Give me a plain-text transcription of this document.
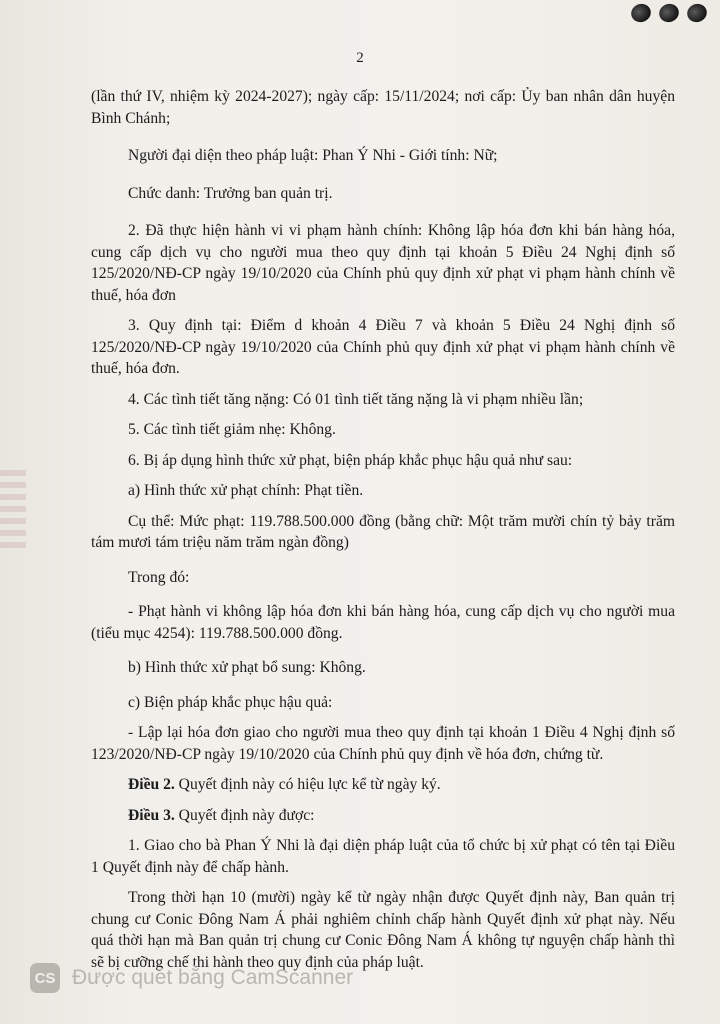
2

(lần thứ IV, nhiệm kỳ 2024-2027); ngày cấp: 15/11/2024; nơi cấp: Ủy ban nhân dân huyện Bình Chánh;

Người đại diện theo pháp luật: Phan Ý Nhi - Giới tính: Nữ;

Chức danh: Trưởng ban quản trị.

2. Đã thực hiện hành vi vi phạm hành chính: Không lập hóa đơn khi bán hàng hóa, cung cấp dịch vụ cho người mua theo quy định tại khoản 5 Điều 24 Nghị định số 125/2020/NĐ-CP ngày 19/10/2020 của Chính phủ quy định xử phạt vi phạm hành chính về thuế, hóa đơn

3. Quy định tại: Điểm d khoản 4 Điều 7 và khoản 5 Điều 24 Nghị định số 125/2020/NĐ-CP ngày 19/10/2020 của Chính phủ quy định xử phạt vi phạm hành chính về thuế, hóa đơn.

4. Các tình tiết tăng nặng: Có 01 tình tiết tăng nặng là vi phạm nhiều lần;

5. Các tình tiết giảm nhẹ: Không.

6. Bị áp dụng hình thức xử phạt, biện pháp khắc phục hậu quả như sau:

a) Hình thức xử phạt chính: Phạt tiền.

Cụ thể: Mức phạt: 119.788.500.000 đồng (bằng chữ: Một trăm mười chín tỷ bảy trăm tám mươi tám triệu năm trăm ngàn đồng)

Trong đó:

- Phạt hành vi không lập hóa đơn khi bán hàng hóa, cung cấp dịch vụ cho người mua (tiểu mục 4254): 119.788.500.000 đồng.

b) Hình thức xử phạt bổ sung: Không.

c) Biện pháp khắc phục hậu quả:

- Lập lại hóa đơn giao cho người mua theo quy định tại khoản 1 Điều 4 Nghị định số 123/2020/NĐ-CP ngày 19/10/2020 của Chính phủ quy định về hóa đơn, chứng từ.

Điều 2. Quyết định này có hiệu lực kể từ ngày ký.

Điều 3. Quyết định này được:

1. Giao cho bà Phan Ý Nhi là đại diện pháp luật của tổ chức bị xử phạt có tên tại Điều 1 Quyết định này để chấp hành.

Trong thời hạn 10 (mười) ngày kể từ ngày nhận được Quyết định này, Ban quản trị chung cư Conic Đông Nam Á phải nghiêm chỉnh chấp hành Quyết định xử phạt này. Nếu quá thời hạn mà Ban quản trị chung cư Conic Đông Nam Á không tự nguyện chấp hành thì sẽ bị cưỡng chế thi hành theo quy định của pháp luật.

CS Được quét bằng CamScanner
